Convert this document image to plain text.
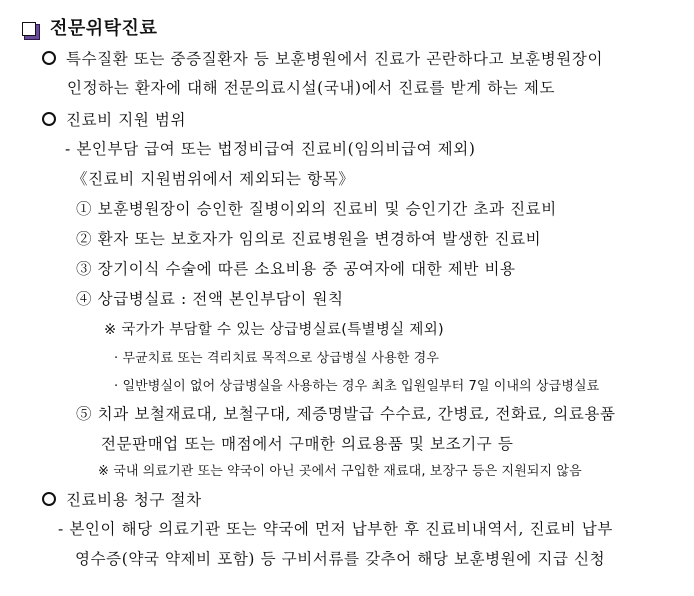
전문위탁진료
특수질환 또는 중증질환자 등 보훈병원에서 진료가 곤란하다고 보훈병원장이
인정하는 환자에 대해 전문의료시설(국내)에서 진료를 받게 하는 제도
진료비 지원 범위
- 본인부담 급여 또는 법정비급여 진료비(임의비급여 제외)
《진료비 지원범위에서 제외되는 항목》
① 보훈병원장이 승인한 질병이외의 진료비 및 승인기간 초과 진료비
② 환자 또는 보호자가 임의로 진료병원을 변경하여 발생한 진료비
③ 장기이식 수술에 따른 소요비용 중 공여자에 대한 제반 비용
④ 상급병실료 : 전액 본인부담이 원칙
※ 국가가 부담할 수 있는 상급병실료(특별병실 제외)
· 무균치료 또는 격리치료 목적으로 상급병실 사용한 경우
· 일반병실이 없어 상급병실을 사용하는 경우 최초 입원일부터 7일 이내의 상급병실료
⑤ 치과 보철재료대, 보철구대, 제증명발급 수수료, 간병료, 전화료, 의료용품
전문판매업 또는 매점에서 구매한 의료용품 및 보조기구 등
※ 국내 의료기관 또는 약국이 아닌 곳에서 구입한 재료대, 보장구 등은 지원되지 않음
진료비용 청구 절차
- 본인이 해당 의료기관 또는 약국에 먼저 납부한 후 진료비내역서, 진료비 납부
영수증(약국 약제비 포함) 등 구비서류를 갖추어 해당 보훈병원에 지급 신청
